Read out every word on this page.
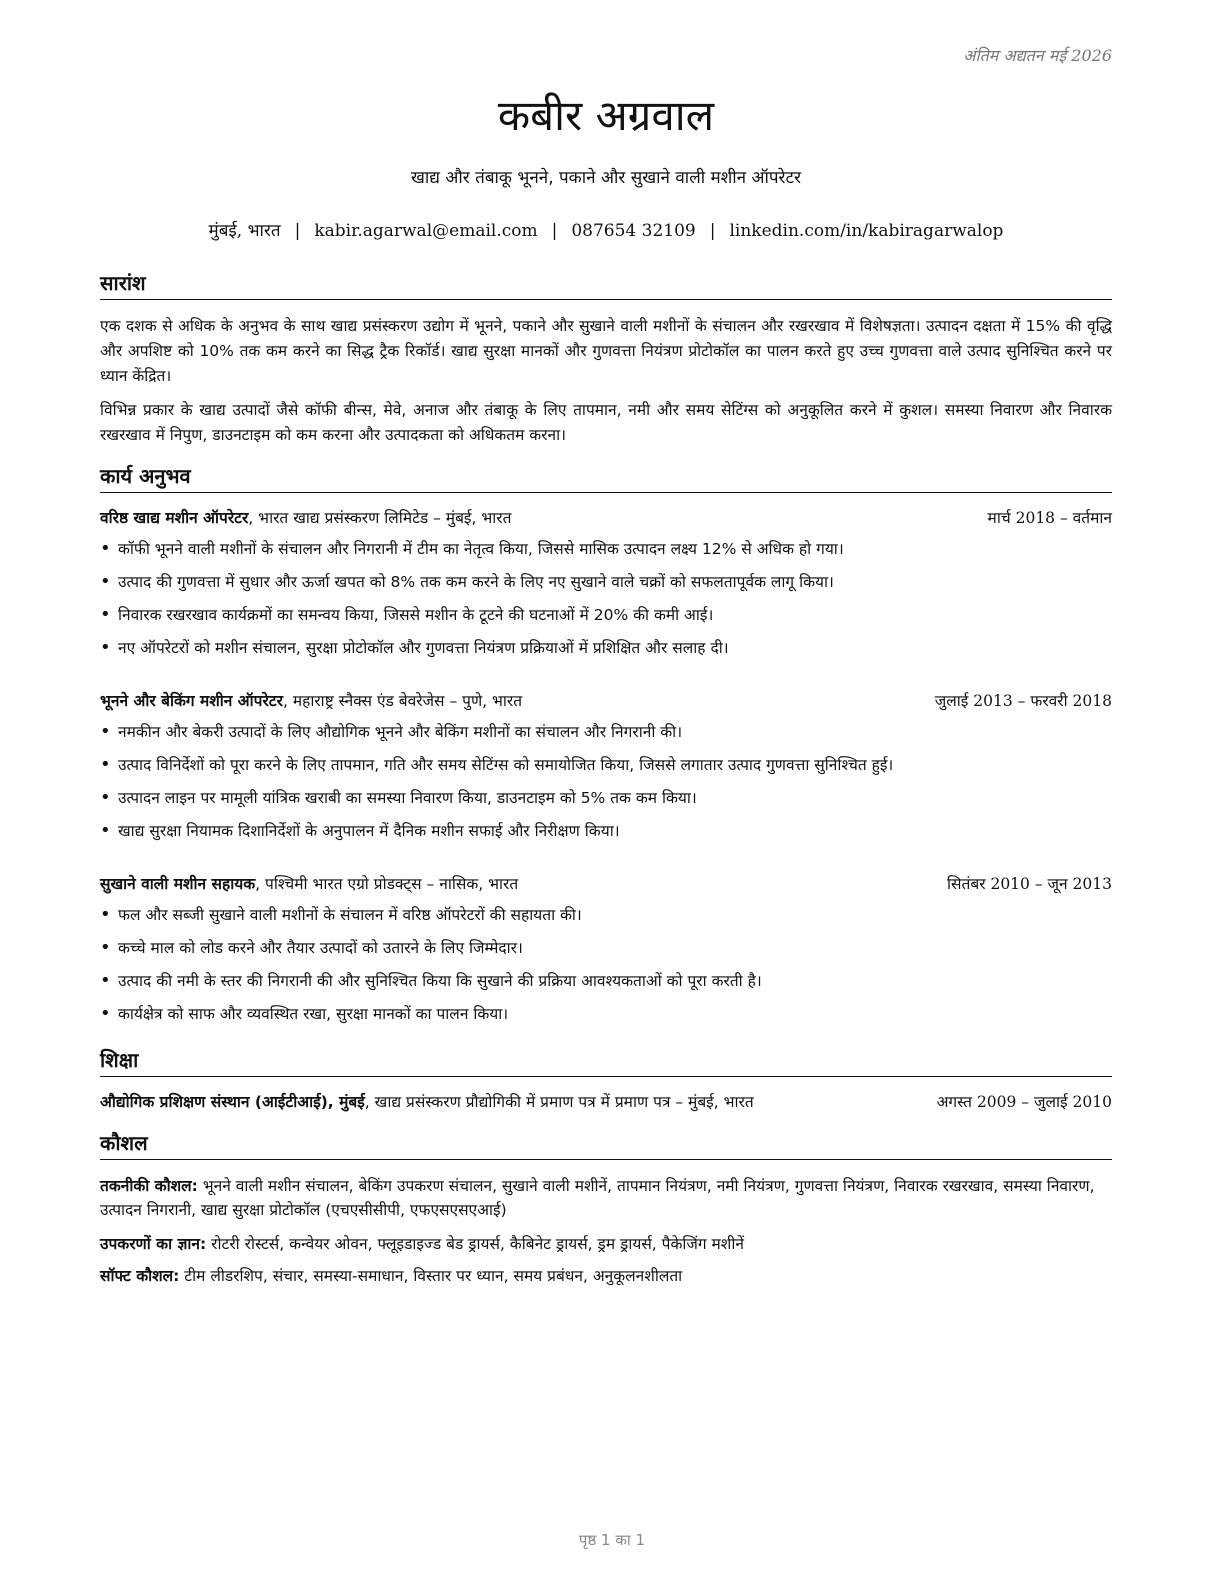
अंतिम अद्यतन मई 2026
कबीर अग्रवाल
खाद्य और तंबाकू भूनने, पकाने और सुखाने वाली मशीन ऑपरेटर
मुंबई, भारत | kabir.agarwal@email.com | 087654 32109 | linkedin.com/in/kabiragarwalop
सारांश
एक दशक से अधिक के अनुभव के साथ खाद्य प्रसंस्करण उद्योग में भूनने, पकाने और सुखाने वाली मशीनों के संचालन और रखरखाव में विशेषज्ञता। उत्पादन दक्षता में 15% की वृद्धि और अपशिष्ट को 10% तक कम करने का सिद्ध ट्रैक रिकॉर्ड। खाद्य सुरक्षा मानकों और गुणवत्ता नियंत्रण प्रोटोकॉल का पालन करते हुए उच्च गुणवत्ता वाले उत्पाद सुनिश्चित करने पर ध्यान केंद्रित।
विभिन्न प्रकार के खाद्य उत्पादों जैसे कॉफी बीन्स, मेवे, अनाज और तंबाकू के लिए तापमान, नमी और समय सेटिंग्स को अनुकूलित करने में कुशल। समस्या निवारण और निवारक रखरखाव में निपुण, डाउनटाइम को कम करना और उत्पादकता को अधिकतम करना।
कार्य अनुभव
वरिष्ठ खाद्य मशीन ऑपरेटर, भारत खाद्य प्रसंस्करण लिमिटेड – मुंबई, भारत	मार्च 2018 – वर्तमान
• कॉफी भूनने वाली मशीनों के संचालन और निगरानी में टीम का नेतृत्व किया, जिससे मासिक उत्पादन लक्ष्य 12% से अधिक हो गया।
• उत्पाद की गुणवत्ता में सुधार और ऊर्जा खपत को 8% तक कम करने के लिए नए सुखाने वाले चक्रों को सफलतापूर्वक लागू किया।
• निवारक रखरखाव कार्यक्रमों का समन्वय किया, जिससे मशीन के टूटने की घटनाओं में 20% की कमी आई।
• नए ऑपरेटरों को मशीन संचालन, सुरक्षा प्रोटोकॉल और गुणवत्ता नियंत्रण प्रक्रियाओं में प्रशिक्षित और सलाह दी।
भूनने और बेकिंग मशीन ऑपरेटर, महाराष्ट्र स्नैक्स एंड बेवरेजेस – पुणे, भारत	जुलाई 2013 – फरवरी 2018
• नमकीन और बेकरी उत्पादों के लिए औद्योगिक भूनने और बेकिंग मशीनों का संचालन और निगरानी की।
• उत्पाद विनिर्देशों को पूरा करने के लिए तापमान, गति और समय सेटिंग्स को समायोजित किया, जिससे लगातार उत्पाद गुणवत्ता सुनिश्चित हुई।
• उत्पादन लाइन पर मामूली यांत्रिक खराबी का समस्या निवारण किया, डाउनटाइम को 5% तक कम किया।
• खाद्य सुरक्षा नियामक दिशानिर्देशों के अनुपालन में दैनिक मशीन सफाई और निरीक्षण किया।
सुखाने वाली मशीन सहायक, पश्चिमी भारत एग्रो प्रोडक्ट्स – नासिक, भारत	सितंबर 2010 – जून 2013
• फल और सब्जी सुखाने वाली मशीनों के संचालन में वरिष्ठ ऑपरेटरों की सहायता की।
• कच्चे माल को लोड करने और तैयार उत्पादों को उतारने के लिए जिम्मेदार।
• उत्पाद की नमी के स्तर की निगरानी की और सुनिश्चित किया कि सुखाने की प्रक्रिया आवश्यकताओं को पूरा करती है।
• कार्यक्षेत्र को साफ और व्यवस्थित रखा, सुरक्षा मानकों का पालन किया।
शिक्षा
औद्योगिक प्रशिक्षण संस्थान (आईटीआई), मुंबई, खाद्य प्रसंस्करण प्रौद्योगिकी में प्रमाण पत्र में प्रमाण पत्र – मुंबई, भारत	अगस्त 2009 – जुलाई 2010
कौशल
तकनीकी कौशल: भूनने वाली मशीन संचालन, बेकिंग उपकरण संचालन, सुखाने वाली मशीनें, तापमान नियंत्रण, नमी नियंत्रण, गुणवत्ता नियंत्रण, निवारक रखरखाव, समस्या निवारण, उत्पादन निगरानी, खाद्य सुरक्षा प्रोटोकॉल (एचएसीसीपी, एफएसएसएआई)
उपकरणों का ज्ञान: रोटरी रोस्टर्स, कन्वेयर ओवन, फ्लूइडाइज्ड बेड ड्रायर्स, कैबिनेट ड्रायर्स, ड्रम ड्रायर्स, पैकेजिंग मशीनें
सॉफ्ट कौशल: टीम लीडरशिप, संचार, समस्या-समाधान, विस्तार पर ध्यान, समय प्रबंधन, अनुकूलनशीलता
पृष्ठ 1 का 1
